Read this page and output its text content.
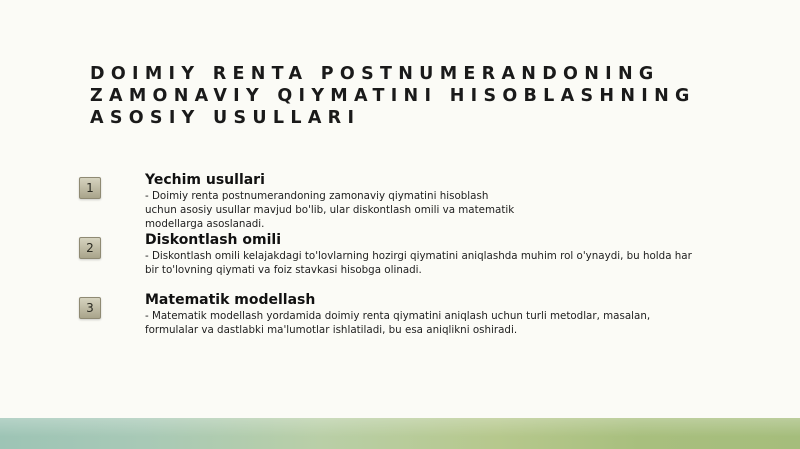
DOIMIY RENTA POSTNUMERANDONING
ZAMONAVIY QIYMATINI HISOBLASHNING
ASOSIY USULLARI
1	Yechim usullari

- Doimiy renta postnumerandoning zamonaviy qiymatini hisoblash
uchun asosiy usullar mavjud bo'lib, ular diskontlash omili va matematik
modellarga asoslanadi.

2	Diskontlash omili

- Diskontlash omili kelajakdagi to'lovlarning hozirgi qiymatini aniqlashda muhim rol o'ynaydi, bu holda har
bir to'lovning qiymati va foiz stavkasi hisobga olinadi.

3	Matematik modellash

- Matematik modellash yordamida doimiy renta qiymatini aniqlash uchun turli metodlar, masalan,
formulalar va dastlabki ma'lumotlar ishlatiladi, bu esa aniqlikni oshiradi.
